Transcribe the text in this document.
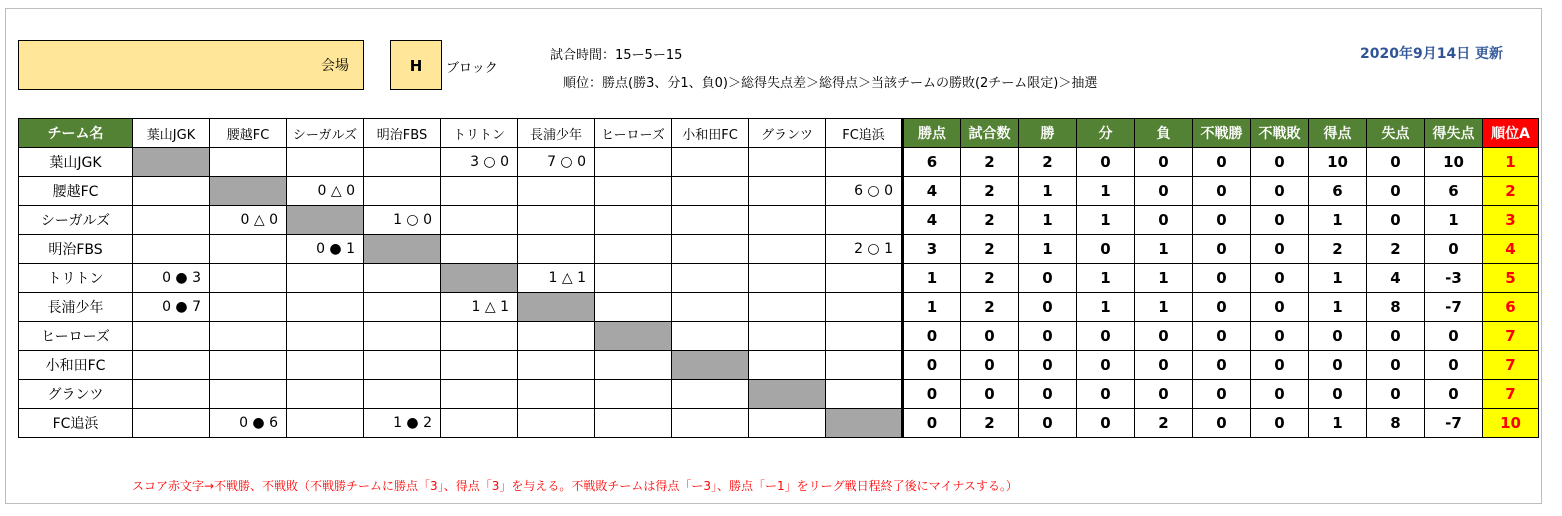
会場	H	ブロック
試合時間：15ー5ー15
順位：勝点(勝3、分1、負0)＞総得失点差＞総得点＞当該チームの勝敗(2チーム限定)＞抽選
2020年9月14日 更新
チーム名	葉山JGK	腰越FC	シーガルズ	明治FBS	トリトン	長浦少年	ヒーローズ	小和田FC	グランツ	FC追浜	勝点	試合数	勝	分	負	不戦勝	不戦敗	得点	失点	得失点	順位A
葉山JGK					3 ○ 0	7 ○ 0					6	2	2	0	0	0	0	10	0	10	1
腰越FC			0 △ 0							6 ○ 0	4	2	1	1	0	0	0	6	0	6	2
シーガルズ		0 △ 0		1 ○ 0							4	2	1	1	0	0	0	1	0	1	3
明治FBS			0 ● 1							2 ○ 1	3	2	1	0	1	0	0	2	2	0	4
トリトン	0 ● 3					1 △ 1					1	2	0	1	1	0	0	1	4	-3	5
長浦少年	0 ● 7				1 △ 1						1	2	0	1	1	0	0	1	8	-7	6
ヒーローズ											0	0	0	0	0	0	0	0	0	0	7
小和田FC											0	0	0	0	0	0	0	0	0	0	7
グランツ											0	0	0	0	0	0	0	0	0	0	7
FC追浜		0 ● 6		1 ● 2							0	2	0	0	2	0	0	1	8	-7	10
スコア赤文字→不戦勝、不戦敗（不戦勝チームに勝点「3」、得点「3」を与える。不戦敗チームは得点「ー3」、勝点「ー1」をリーグ戦日程終了後にマイナスする。）
